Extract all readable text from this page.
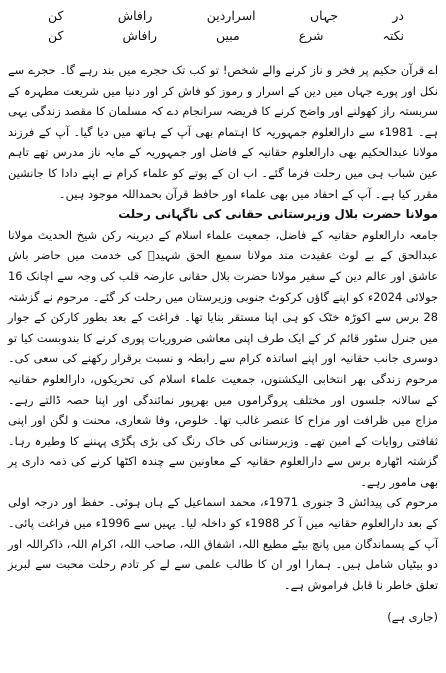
در
جہاں
اسراردین
رافاش
کن
نکتہ
شرع
مبیں
رافاش
کن

اے قرآن حکیم پر فخر و ناز کرنے والے شخص! تو کب تک حجرے میں بند رہے گا۔ حجرے سے نکل اور پورے جہاں میں دین کے اسرار و رموز کو فاش کر اور دنیا میں شریعت مطہرہ کے سربستہ راز کھولنے اور واضح کرنے کا فریضہ سرانجام دے کہ مسلمان کا مقصد زندگی یہی ہے۔ 1981ء سے دارالعلوم جمہوریہ کا اہتمام بھی آپ کے ہاتھ میں دیا گیا۔ آپ کے فرزند مولانا عبدالحکیم بھی دارالعلوم حقانیہ کے فاضل اور جمہوریہ کے مایہ ناز مدرس تھے تاہم عین شباب ہی میں رحلت فرما گئے۔ اب ان کے پوتے کو علماء کرام نے اپنے دادا کا جانشین مقرر کیا ہے۔ آپ کے احفاد میں بھی علماء اور حافظ قرآن بحمداللہ موجود ہیں۔

مولانا حضرت بلال وزیرستانی حقانی کی ناگہانی رحلت

جامعہ دارالعلوم حقانیہ کے فاضل، جمعیت علماء اسلام کے دیرینہ رکن شیخ الحدیث مولانا عبدالحق کے بے لوث عقیدت مند مولانا سمیع الحق شہیدؒ کی خدمت میں حاضر باش عاشق اور عالم دین کے سفیر مولانا حضرت بلال حقانی عارضہ قلب کی وجہ سے اچانک 16 جولائی 2024ء کو اپنے گاؤں کرکوٹ جنوبی وزیرستان میں رحلت کر گئے۔ مرحوم نے گزشتہ 28 برس سے اکوڑہ خٹک کو ہی اپنا مستقر بنایا تھا۔ فراغت کے بعد بطور کارکن کے جوار میں جنرل سٹور قائم کر کے ایک طرف اپنی معاشی ضروریات پوری کرنے کا بندوبست کیا تو دوسری جانب حقانیہ اور اپنے اساتذہ کرام سے رابطہ و نسبت برقرار رکھنے کی سعی کی۔ مرحوم زندگی بھر انتخابی الیکشنوں، جمعیت علماء اسلام کی تحریکوں، دارالعلوم حقانیہ کے سالانہ جلسوں اور مختلف پروگراموں میں بھرپور نمائندگی اور اپنا حصہ ڈالتے رہے۔ مزاج میں ظرافت اور مزاح کا عنصر غالب تھا۔ خلوص، وفا شعاری، محنت و لگن اور اپنی ثقافتی روایات کے امین تھے۔ وزیرستانی کی خاک رنگ کی بڑی پگڑی پہننے کا وطیرہ رہا۔ گزشتہ اٹھارہ برس سے دارالعلوم حقانیہ کے معاونین سے چندہ اکٹھا کرنے کی ذمہ داری پر بھی مامور رہے۔

مرحوم کی پیدائش 3 جنوری 1971ء، محمد اسماعیل کے ہاں ہوئی۔ حفظ اور درجہ اولی کے بعد دارالعلوم حقانیہ میں آ کر 1988ء کو داخلہ لیا۔ یہیں سے 1996ء میں فراغت پائی۔ آپ کے پسماندگان میں پانچ بیٹے مطیع اللہ، اشفاق اللہ، صاحب اللہ، اکرام اللہ، ذاکراللہ اور دو بیٹیاں شامل ہیں۔ ہمارا اور ان کا طالب علمی سے لے کر تادم رحلت محبت سے لبریز تعلق خاطر نا قابل فراموش ہے۔

(جاری ہے)
